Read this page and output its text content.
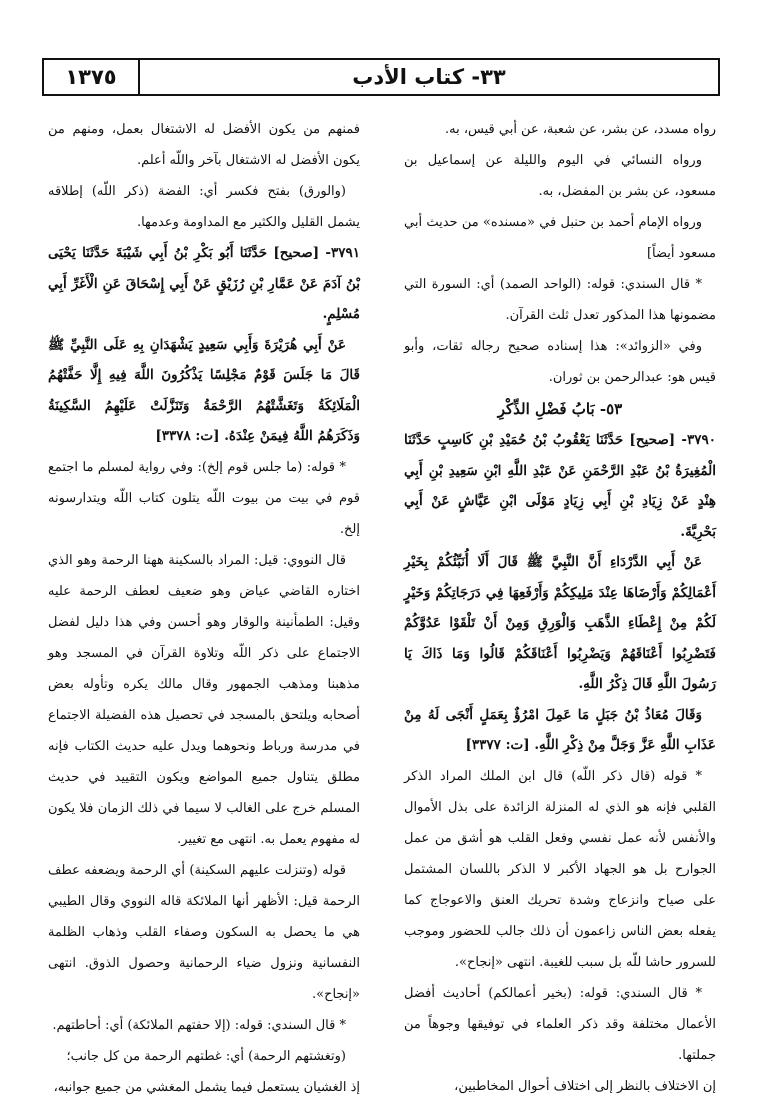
٣٣- كتاب الأدب
١٣٧٥

رواه مسدد، عن بشر، عن شعبة، عن أبي قيس، به.

ورواه النسائي في اليوم والليلة عن إسماعيل بن مسعود، عن بشر بن المفضل، به.

ورواه الإمام أحمد بن حنبل في «مسنده» من حديث أبي مسعود أيضاً]

* قال السندي: قوله: (الواحد الصمد) أي: السورة التي مضمونها هذا المذكور تعدل ثلث القرآن.

وفي «الزوائد»: هذا إسناده صحيح رجاله ثقات، وأبو قيس هو: عبدالرحمن بن ثوران.

٥٣- بَابُ فَضْلِ الذِّكْرِ

٣٧٩٠- [صحيح] حَدَّثَنَا يَعْقُوبُ بْنُ حُمَيْدِ بْنِ كَاسِبٍ حَدَّثَنَا الْمُغِيرَةُ بْنُ عَبْدِ الرَّحْمَنِ عَنْ عَبْدِ اللَّهِ ابْنِ سَعِيدِ بْنِ أَبِي هِنْدٍ عَنْ زِيَادِ بْنِ أَبِي زِيَادٍ مَوْلَى ابْنِ عَيَّاشٍ عَنْ أَبِي بَحْرِيَّةَ.

عَنْ أَبِي الدَّرْدَاءِ أَنَّ النَّبِيَّ ﷺ قَالَ أَلَا أُنَبِّئُكُمْ بِخَيْرِ أَعْمَالِكُمْ وَأَرْضَاهَا عِنْدَ مَلِيكِكُمْ وَأَرْفَعِهَا فِي دَرَجَاتِكُمْ وَخَيْرٍ لَكُمْ مِنْ إِعْطَاءِ الذَّهَبِ وَالْوَرِقِ وَمِنْ أَنْ تَلْقَوْا عَدُوَّكُمْ فَتَضْرِبُوا أَعْنَاقَهُمْ وَيَضْرِبُوا أَعْنَاقَكُمْ قَالُوا وَمَا ذَاكَ يَا رَسُولَ اللَّهِ قَالَ ذِكْرُ اللَّهِ.

وَقَالَ مُعَاذُ بْنُ جَبَلٍ مَا عَمِلَ امْرُؤٌ بِعَمَلٍ أَنْجَى لَهُ مِنْ عَذَابِ اللَّهِ عَزَّ وَجَلَّ مِنْ ذِكْرِ اللَّهِ. [ت: ٣٣٧٧]

* قوله (قال ذكر اللّه) قال ابن الملك المراد الذكر القلبي فإنه هو الذي له المنزلة الزائدة على بذل الأموال والأنفس لأنه عمل نفسي وفعل القلب هو أشق من عمل الجوارح بل هو الجهاد الأكبر لا الذكر باللسان المشتمل على صياح وانزعاج وشدة تحريك العنق والاعوجاج كما يفعله بعض الناس زاعمون أن ذلك جالب للحضور وموجب للسرور حاشا للّه بل سبب للغيبة. انتهى «إنجاح».

* قال السندي: قوله: (بخير أعمالكم) أحاديث أفضل الأعمال مختلفة وقد ذكر العلماء في توفيقها وجوهاً من جملتها.

إن الاختلاف بالنظر إلى اختلاف أحوال المخاطبين،

فمنهم من يكون الأفضل له الاشتغال بعمل، ومنهم من يكون الأفضل له الاشتغال بآخر واللّه أعلم.

(والورق) بفتح فكسر أي: الفضة (ذكر اللّه) إطلاقه يشمل القليل والكثير مع المداومة وعدمها.

٣٧٩١- [صحيح] حَدَّثَنَا أَبُو بَكْرِ بْنُ أَبِي شَيْبَةَ حَدَّثَنَا يَحْيَى بْنُ آدَمَ عَنْ عَمَّارِ بْنِ رُزَيْقٍ عَنْ أَبِي إِسْحَاقَ عَنِ الْأَغَرِّ أَبِي مُسْلِمٍ.

عَنْ أَبِي هُرَيْرَةَ وَأَبِي سَعِيدٍ يَشْهَدَانِ بِهِ عَلَى النَّبِيِّ ﷺ قَالَ مَا جَلَسَ قَوْمٌ مَجْلِسًا يَذْكُرُونَ اللَّهَ فِيهِ إِلَّا حَفَّتْهُمُ الْمَلَائِكَةُ وَتَغَشَّتْهُمُ الرَّحْمَةُ وَتَنَزَّلَتْ عَلَيْهِمُ السَّكِينَةُ وَذَكَرَهُمُ اللَّهُ فِيمَنْ عِنْدَهُ. [ت: ٣٣٧٨]

* قوله: (ما جلس قوم إلخ): وفي رواية لمسلم ما اجتمع قوم في بيت من بيوت اللّه يتلون كتاب اللّه ويتدارسونه إلخ.

قال النووي: قيل: المراد بالسكينة ههنا الرحمة وهو الذي اختاره القاضي عياض وهو ضعيف لعطف الرحمة عليه وقيل: الطمأنينة والوقار وهو أحسن وفي هذا دليل لفضل الاجتماع على ذكر اللّه وتلاوة القرآن في المسجد وهو مذهبنا ومذهب الجمهور وقال مالك يكره وتأوله بعض أصحابه ويلتحق بالمسجد في تحصيل هذه الفضيلة الاجتماع في مدرسة ورباط ونحوهما ويدل عليه حديث الكتاب فإنه مطلق يتناول جميع المواضع ويكون التقييد في حديث المسلم خرج على الغالب لا سيما في ذلك الزمان فلا يكون له مفهوم يعمل به. انتهى مع تغيير.

قوله (وتنزلت عليهم السكينة) أي الرحمة ويضعفه عطف الرحمة قيل: الأظهر أنها الملائكة قاله النووي وقال الطيبي هي ما يحصل به السكون وصفاء القلب وذهاب الظلمة النفسانية ونزول ضياء الرحمانية وحصول الذوق. انتهى «إنجاح».

* قال السندي: قوله: (إلا حفتهم الملائكة) أي: أحاطتهم.

(وتغشتهم الرحمة) أي: غطتهم الرحمة من كل جانب؛

إذ الغشيان يستعمل فيما يشمل المغشي من جميع جوانبه،
